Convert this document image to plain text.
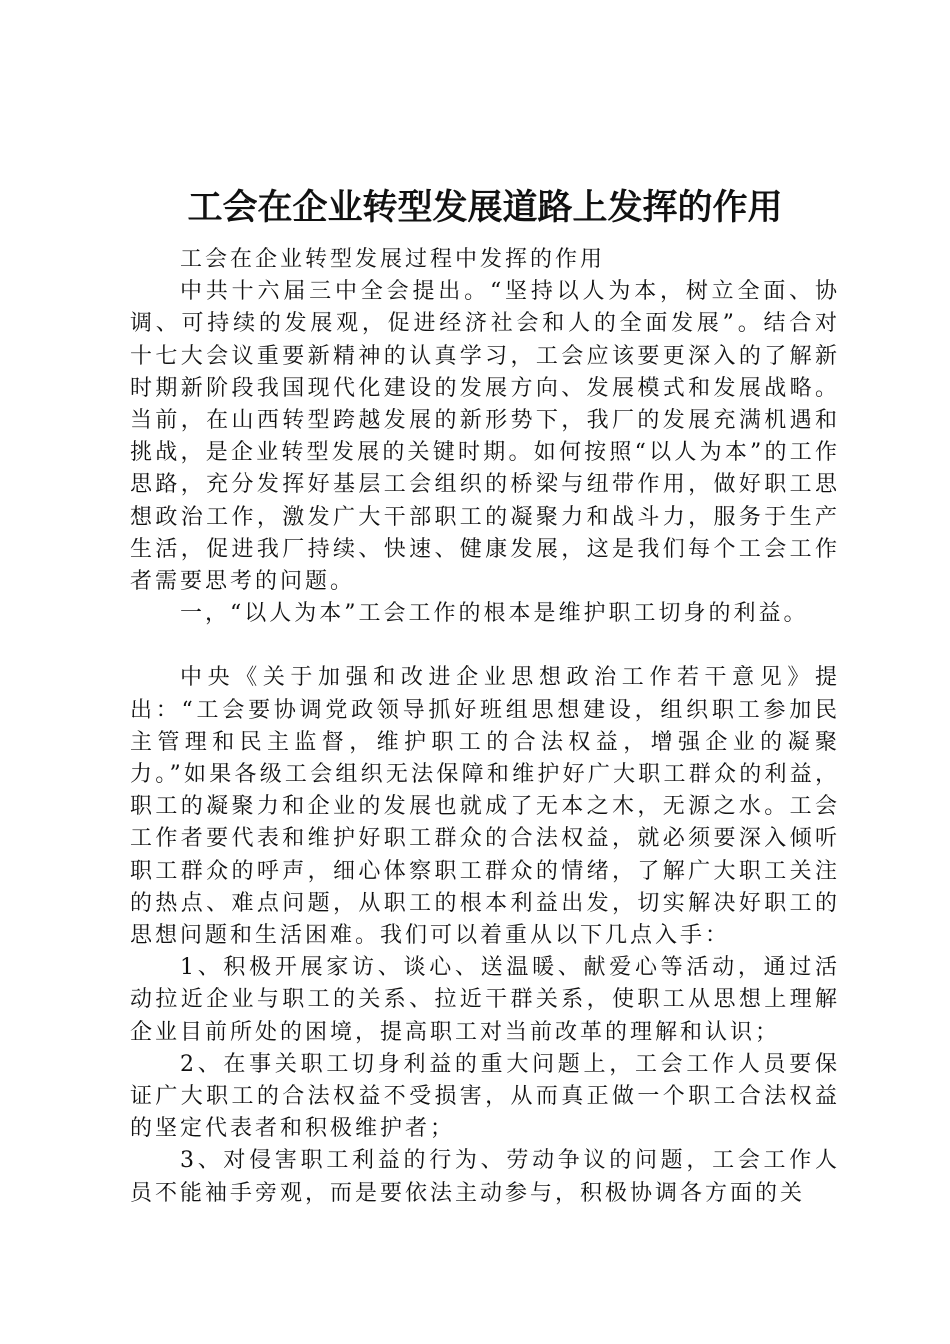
工会在企业转型发展道路上发挥的作用

工会在企业转型发展过程中发挥的作用

中共十六届三中全会提出。“坚持以人为本，树立全面、协调、可持续的发展观，促进经济社会和人的全面发展”。结合对十七大会议重要新精神的认真学习，工会应该要更深入的了解新时期新阶段我国现代化建设的发展方向、发展模式和发展战略。当前，在山西转型跨越发展的新形势下，我厂的发展充满机遇和挑战，是企业转型发展的关键时期。如何按照“以人为本”的工作思路，充分发挥好基层工会组织的桥梁与纽带作用，做好职工思想政治工作，激发广大干部职工的凝聚力和战斗力，服务于生产生活，促进我厂持续、快速、健康发展，这是我们每个工会工作者需要思考的问题。

一，“以人为本”工会工作的根本是维护职工切身的利益。

中央《关于加强和改进企业思想政治工作若干意见》提出：“工会要协调党政领导抓好班组思想建设，组织职工参加民主管理和民主监督，维护职工的合法权益，增强企业的凝聚力。”如果各级工会组织无法保障和维护好广大职工群众的利益，职工的凝聚力和企业的发展也就成了无本之木，无源之水。工会工作者要代表和维护好职工群众的合法权益，就必须要深入倾听职工群众的呼声，细心体察职工群众的情绪，了解广大职工关注的热点、难点问题，从职工的根本利益出发，切实解决好职工的思想问题和生活困难。我们可以着重从以下几点入手：

1、积极开展家访、谈心、送温暖、献爱心等活动，通过活动拉近企业与职工的关系、拉近干群关系，使职工从思想上理解企业目前所处的困境，提高职工对当前改革的理解和认识；

2、在事关职工切身利益的重大问题上，工会工作人员要保证广大职工的合法权益不受损害，从而真正做一个职工合法权益的坚定代表者和积极维护者；

3、对侵害职工利益的行为、劳动争议的问题，工会工作人员不能袖手旁观，而是要依法主动参与，积极协调各方面的关
